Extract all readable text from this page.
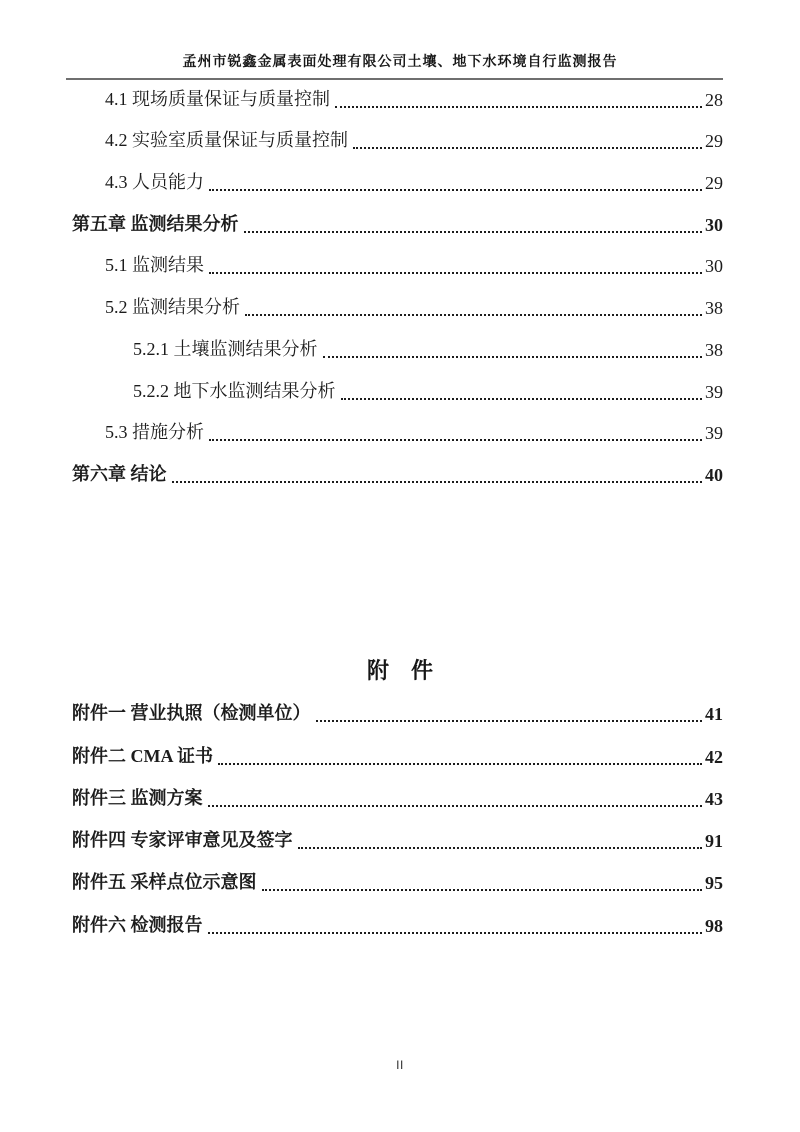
孟州市锐鑫金属表面处理有限公司土壤、地下水环境自行监测报告
4.1 现场质量保证与质量控制	28
4.2 实验室质量保证与质量控制	29
4.3 人员能力	29
第五章 监测结果分析	30
5.1 监测结果	30
5.2 监测结果分析	38
5.2.1 土壤监测结果分析	38
5.2.2 地下水监测结果分析	39
5.3 措施分析	39
第六章 结论	40
附　件
附件一 营业执照（检测单位）	41
附件二 CMA 证书	42
附件三 监测方案	43
附件四 专家评审意见及签字	91
附件五 采样点位示意图	95
附件六 检测报告	98
II
